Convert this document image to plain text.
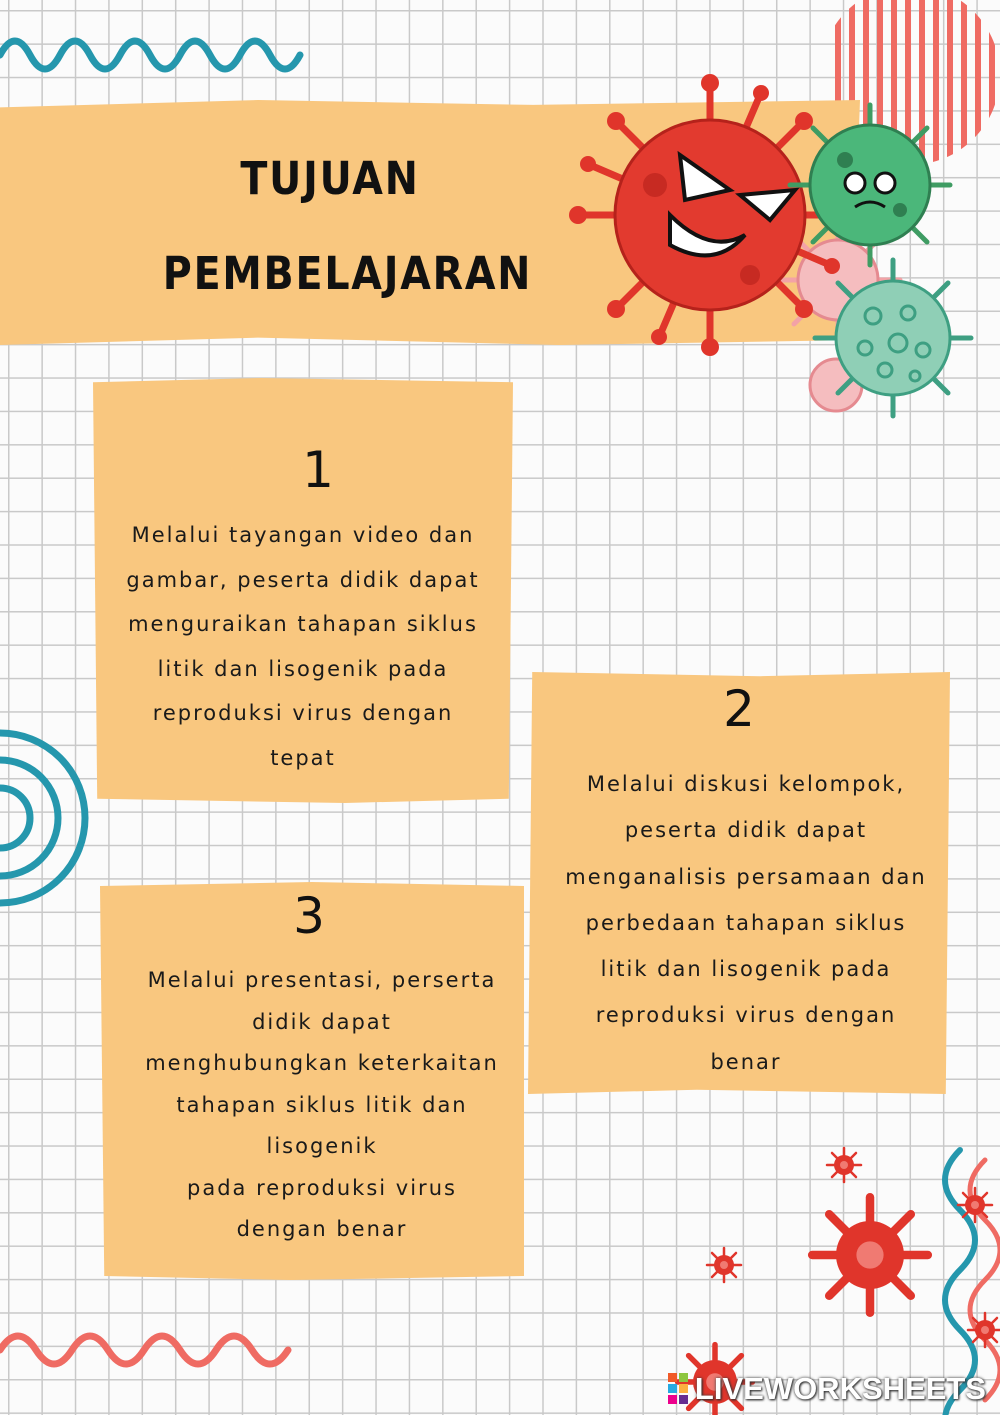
TUJUAN
PEMBELAJARAN
1
Melalui tayangan video dan
gambar, peserta didik dapat
menguraikan tahapan siklus
litik dan lisogenik pada
reproduksi virus dengan
tepat
2
Melalui diskusi kelompok,
peserta didik dapat
menganalisis persamaan dan
perbedaan tahapan siklus
litik dan lisogenik pada
reproduksi virus dengan
benar
3
Melalui presentasi, perserta
didik dapat
menghubungkan keterkaitan
tahapan siklus litik dan
lisogenik
pada reproduksi virus
dengan benar
LIVEWORKSHEETS
